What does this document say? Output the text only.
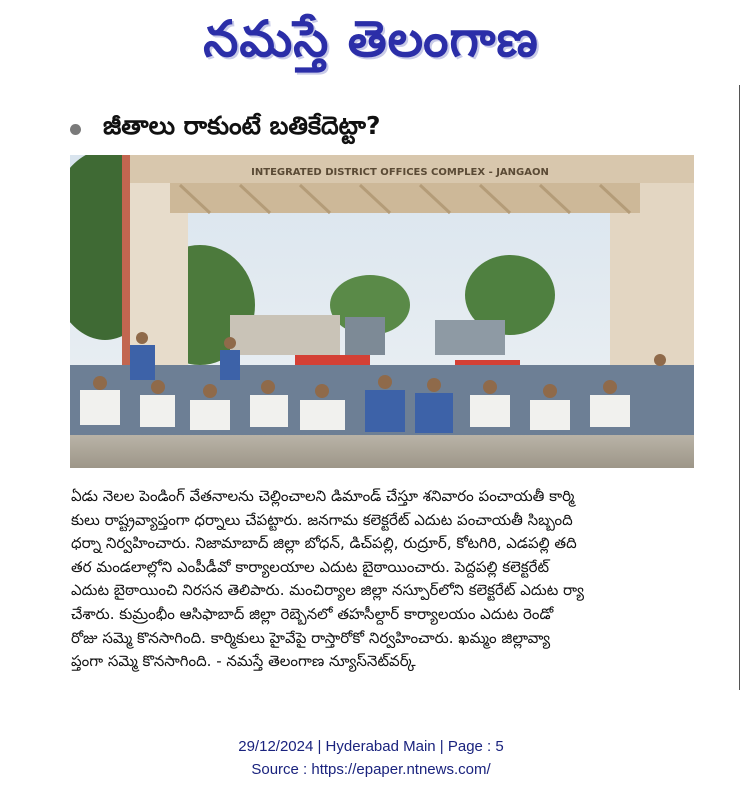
నమస్తే తెలంగాణ
జీతాలు రాకుంటే బతికేదెట్టా?
INTEGRATED DISTRICT OFFICES COMPLEX - JANGAON
ఏడు నెలల పెండింగ్ వేతనాలను చెల్లించాలని డిమాండ్ చేస్తూ శనివారం పంచాయతీ కార్మి
కులు రాష్ట్రవ్యాప్తంగా ధర్నాలు చేపట్టారు. జనగామ కలెక్టరేట్ ఎదుట పంచాయతీ సిబ్బంది
ధర్నా నిర్వహించారు. నిజామాబాద్ జిల్లా బోధన్, డిచ్‌పల్లి, రుద్రూర్, కోటగిరి, ఎడపల్లి తది
తర మండలాల్లోని ఎంపీడీవో కార్యాలయాల ఎదుట బైఠాయించారు. పెద్దపల్లి కలెక్టరేట్
ఎదుట బైఠాయించి నిరసన తెలిపారు. మంచిర్యాల జిల్లా నస్పూర్‌లోని కలెక్టరేట్ ఎదుట ర్యా
చేశారు. కుమ్రంభీం ఆసిఫాబాద్ జిల్లా రెబ్బెనలో తహసీల్దార్ కార్యాలయం ఎదుట రెండో
రోజు సమ్మె కొనసాగింది. కార్మికులు హైవేపై రాస్తారోకో నిర్వహించారు. ఖమ్మం జిల్లావ్యా
ప్తంగా సమ్మె కొనసాగింది. - నమస్తే తెలంగాణ న్యూస్‌నెట్‌వర్క్
29/12/2024 | Hyderabad Main | Page : 5
Source : https://epaper.ntnews.com/
